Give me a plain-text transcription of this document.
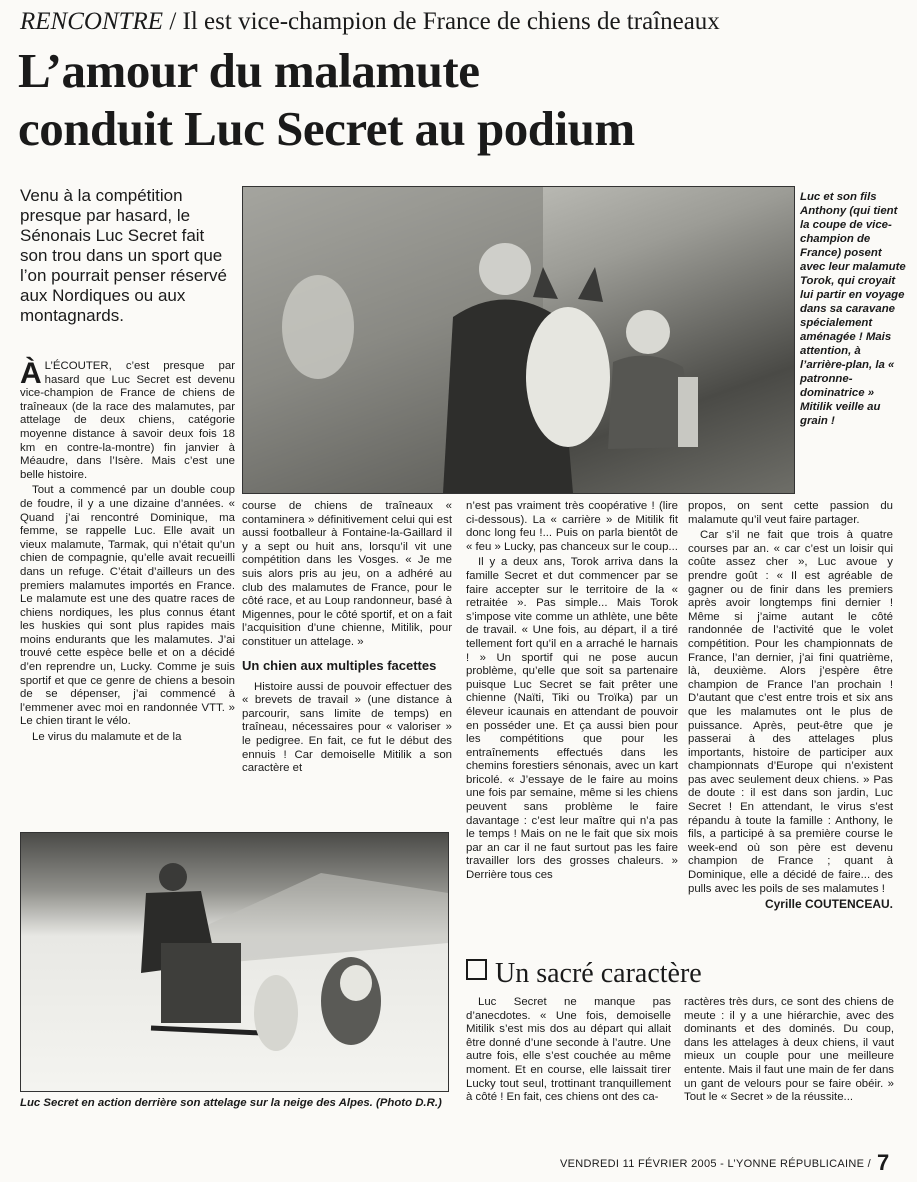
RENCONTRE / Il est vice-champion de France de chiens de traîneaux
L’amour du malamute
conduit Luc Secret au podium
Venu à la compétition presque par hasard, le Sénonais Luc Secret fait son trou dans un sport que l’on pourrait penser réservé aux Nordiques ou aux montagnards.
Luc et son fils Anthony (qui tient la coupe de vice-champion de France) posent avec leur malamute Torok, qui croyait lui partir en voyage dans sa caravane spécialement aménagée ! Mais attention, à l’arrière-plan, la « patronne-dominatrice » Mitilik veille au grain !

À L’ÉCOUTER, c’est presque par hasard que Luc Secret est devenu vice-champion de France de chiens de traîneaux (de la race des malamutes, par attelage de deux chiens, catégorie moyenne distance à savoir deux fois 18 km en contre-la-montre) fin janvier à Méaudre, dans l’Isère. Mais c’est une belle histoire.

Tout a commencé par un double coup de foudre, il y a une dizaine d’années. « Quand j’ai rencontré Dominique, ma femme, se rappelle Luc. Elle avait un vieux malamute, Tarmak, qui n’était qu’un chien de compagnie, qu’elle avait recueilli dans un refuge. C’était d’ailleurs un des premiers malamutes importés en France. Le malamute est une des quatre races de chiens nordiques, les plus connus étant les huskies qui sont plus rapides mais moins endurants que les malamutes. J’ai trouvé cette espèce belle et on a décidé d’en reprendre un, Lucky. Comme je suis sportif et que ce genre de chiens a besoin de se dépenser, j’ai commencé à l’emmener avec moi en randonnée VTT. » Le chien tirant le vélo.

Le virus du malamute et de la

course de chiens de traîneaux « contaminera » définitivement celui qui est aussi footballeur à Fontaine-la-Gaillard il y a sept ou huit ans, lorsqu’il vit une compétition dans les Vosges. « Je me suis alors pris au jeu, on a adhéré au club des malamutes de France, pour le côté race, et au Loup randonneur, basé à Migennes, pour le côté sportif, et on a fait l’acquisition d’une chienne, Mitilik, pour constituer un attelage. »

Un chien aux multiples facettes

Histoire aussi de pouvoir effectuer des « brevets de travail » (une distance à parcourir, sans limite de temps) en traîneau, nécessaires pour « valoriser » le pedigree. En fait, ce fut le début des ennuis ! Car demoiselle Mitilik a son caractère et

n’est pas vraiment très coopérative ! (lire ci-dessous). La « carrière » de Mitilik fit donc long feu !... Puis on parla bientôt de « feu » Lucky, pas chanceux sur le coup...

Il y a deux ans, Torok arriva dans la famille Secret et dut commencer par se faire accepter sur le territoire de la « retraitée ». Pas simple... Mais Torok s’impose vite comme un athlète, une bête de travail. « Une fois, au départ, il a tiré tellement fort qu’il en a arraché le harnais ! » Un sportif qui ne pose aucun problème, qu’elle que soit sa partenaire puisque Luc Secret se fait prêter une chienne (Naïti, Tiki ou Troïka) par un éleveur icaunais en attendant de pouvoir en posséder une. Et ça aussi bien pour les compétitions que pour les entraînements effectués dans les chemins forestiers sénonais, avec un kart bricolé. « J’essaye de le faire au moins une fois par semaine, même si les chiens peuvent sans problème le faire davantage : c’est leur maître qui n’a pas le temps ! Mais on ne le fait que six mois par an car il ne faut surtout pas les faire travailler lors des grosses chaleurs. » Derrière tous ces

propos, on sent cette passion du malamute qu’il veut faire partager.

Car s’il ne fait que trois à quatre courses par an. « car c’est un loisir qui coûte assez cher », Luc avoue y prendre goût : « Il est agréable de gagner ou de finir dans les premiers après avoir longtemps fini dernier ! Même si j’aime autant le côté randonnée de l’activité que le volet compétition. Pour les championnats de France, l’an dernier, j’ai fini quatrième, là, deuxième. Alors j’espère être champion de France l’an prochain ! D’autant que c’est entre trois et six ans que les malamutes ont le plus de puissance. Après, peut-être que je passerai à des attelages plus importants, histoire de participer aux championnats d’Europe qui n’existent pas avec seulement deux chiens. » Pas de doute : il est dans son jardin, Luc Secret ! En attendant, le virus s’est répandu à toute la famille : Anthony, le fils, a participé à sa première course le week-end où son père est devenu champion de France ; quant à Dominique, elle a décidé de faire... des pulls avec les poils de ses malamutes !

Cyrille COUTENCEAU.
Luc Secret en action derrière son attelage sur la neige des Alpes. (Photo D.R.)
Un sacré caractère

Luc Secret ne manque pas d’anecdotes. « Une fois, demoiselle Mitilik s’est mis dos au départ qui allait être donné d’une seconde à l’autre. Une autre fois, elle s’est couchée au même moment. Et en course, elle laissait tirer Lucky tout seul, trottinant tranquillement à côté ! En fait, ces chiens ont des ca-

ractères très durs, ce sont des chiens de meute : il y a une hiérarchie, avec des dominants et des dominés. Du coup, dans les attelages à deux chiens, il vaut mieux un couple pour une meilleure entente. Mais il faut une main de fer dans un gant de velours pour se faire obéir. » Tout le « Secret » de la réussite...

VENDREDI 11 FÉVRIER 2005 - L’YONNE RÉPUBLICAINE / 7
